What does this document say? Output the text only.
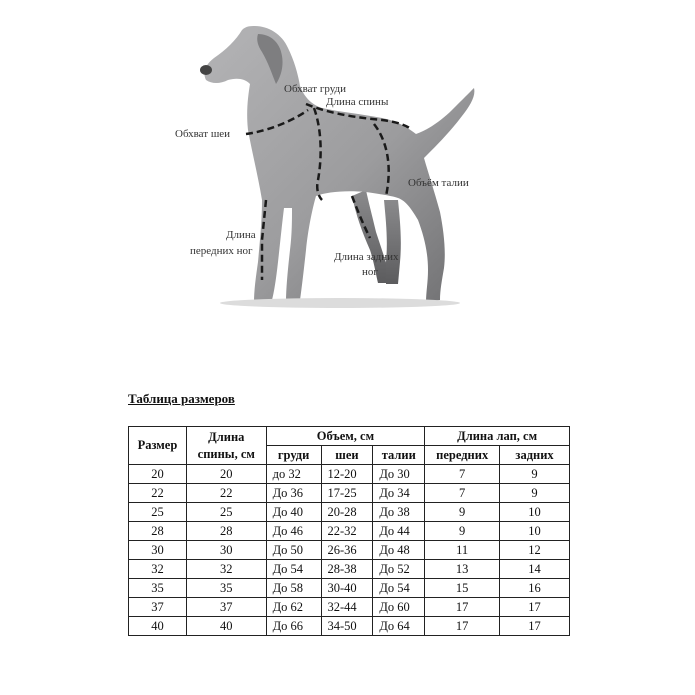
Обхват груди
Длина спины
Обхват шеи
Объём талии
Длина
передних ног	Длина задних
ног

Таблица размеров

Размер	Длина
спины, см	Объем, см			Длина лап, см	
		груди	шеи	талии	передних	задних
20	20	до 32	12-20	До 30	7	9
22	22	До 36	17-25	До 34	7	9
25	25	До 40	20-28	До 38	9	10
28	28	До 46	22-32	До 44	9	10
30	30	До 50	26-36	До 48	11	12
32	32	До 54	28-38	До 52	13	14
35	35	До 58	30-40	До 54	15	16
37	37	До 62	32-44	До 60	17	17
40	40	До 66	34-50	До 64	17	17
